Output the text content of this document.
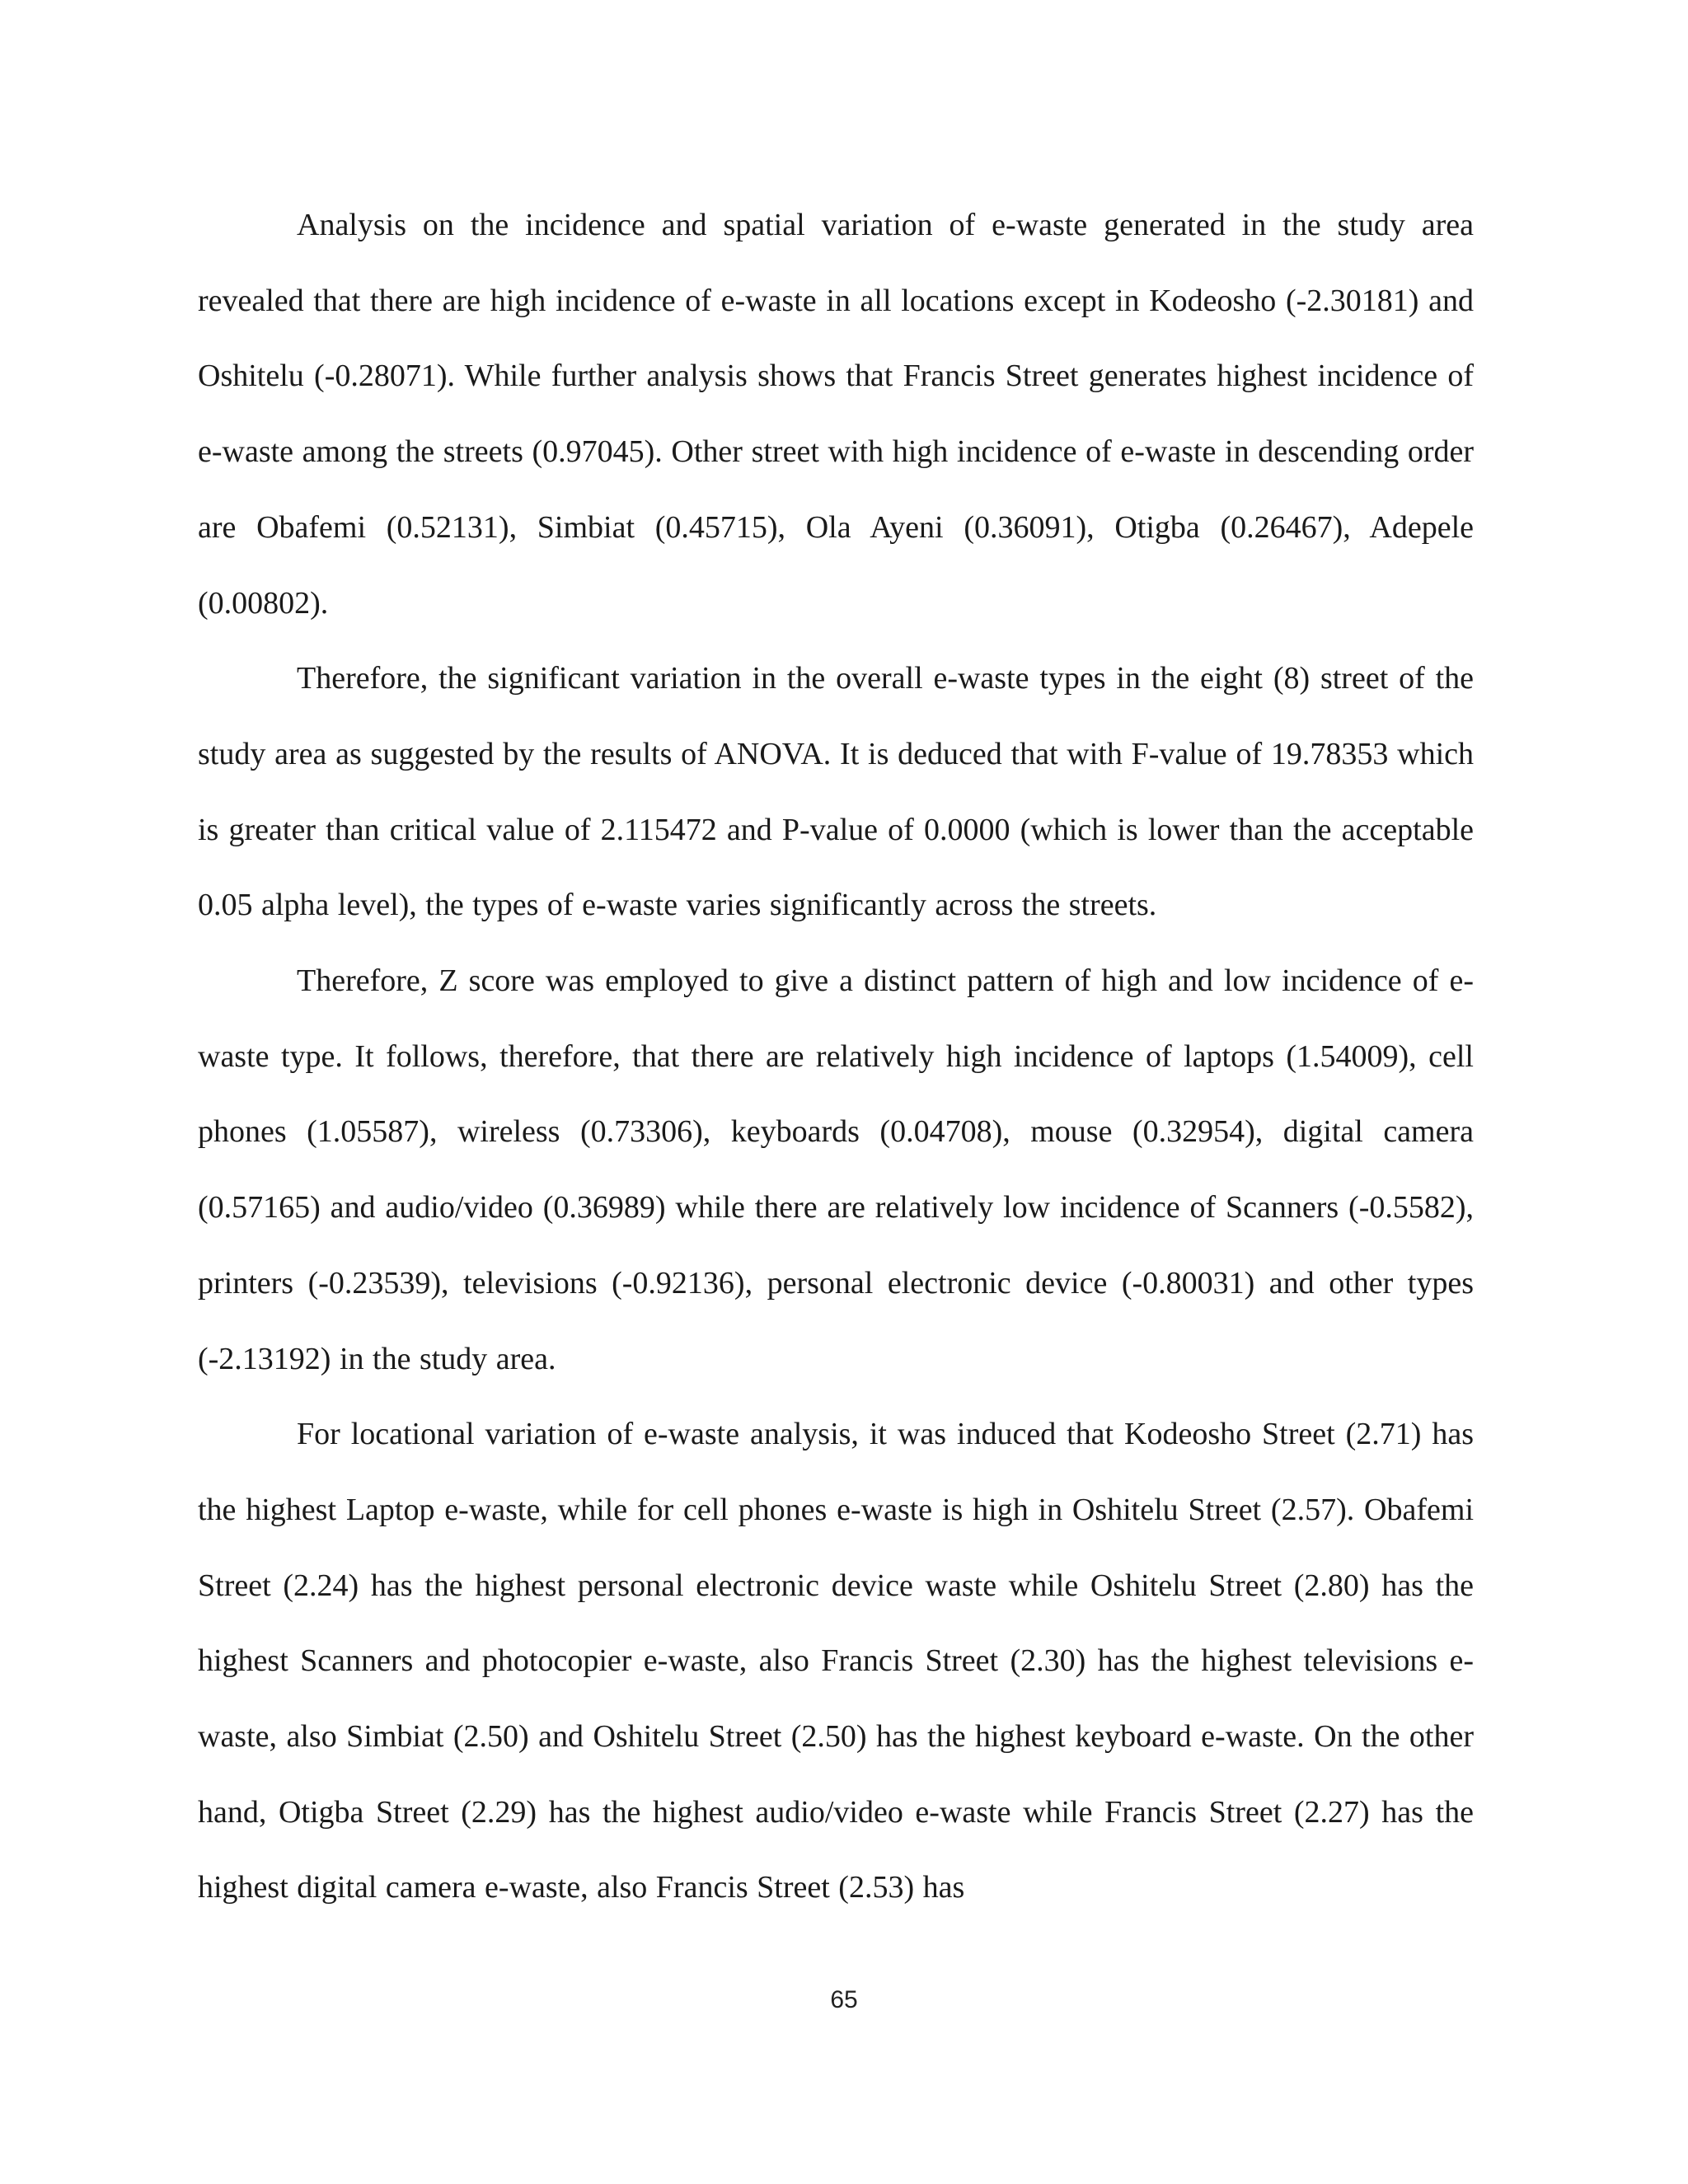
Analysis on the incidence and spatial variation of e-waste generated in the study area revealed that there are high incidence of e-waste in all locations except in Kodeosho (-2.30181) and Oshitelu (-0.28071). While further analysis shows that Francis Street generates highest incidence of e-waste among the streets (0.97045). Other street with high incidence of e-waste in descending order are Obafemi (0.52131), Simbiat (0.45715), Ola Ayeni (0.36091), Otigba (0.26467), Adepele (0.00802).

Therefore, the significant variation in the overall e-waste types in the eight (8) street of the study area as suggested by the results of ANOVA. It is deduced that with F-value of 19.78353 which is greater than critical value of 2.115472 and P-value of 0.0000 (which is lower than the acceptable 0.05 alpha level), the types of e-waste varies significantly across the streets.

Therefore, Z score was employed to give a distinct pattern of high and low incidence of e-waste type. It follows, therefore, that there are relatively high incidence of laptops (1.54009), cell phones (1.05587), wireless (0.73306), keyboards (0.04708), mouse (0.32954), digital camera (0.57165) and audio/video (0.36989) while there are relatively low incidence of Scanners (-0.5582), printers (-0.23539), televisions (-0.92136), personal electronic device (-0.80031) and other types (-2.13192) in the study area.

For locational variation of e-waste analysis, it was induced that Kodeosho Street (2.71) has the highest Laptop e-waste, while for cell phones e-waste is high in Oshitelu Street (2.57). Obafemi Street (2.24) has the highest personal electronic device waste while Oshitelu Street (2.80) has the highest Scanners and photocopier e-waste, also Francis Street (2.30) has the highest televisions e-waste, also Simbiat (2.50) and Oshitelu Street (2.50) has the highest keyboard e-waste. On the other hand, Otigba Street (2.29) has the highest audio/video e-waste while Francis Street (2.27) has the highest digital camera e-waste, also Francis Street (2.53) has

65
